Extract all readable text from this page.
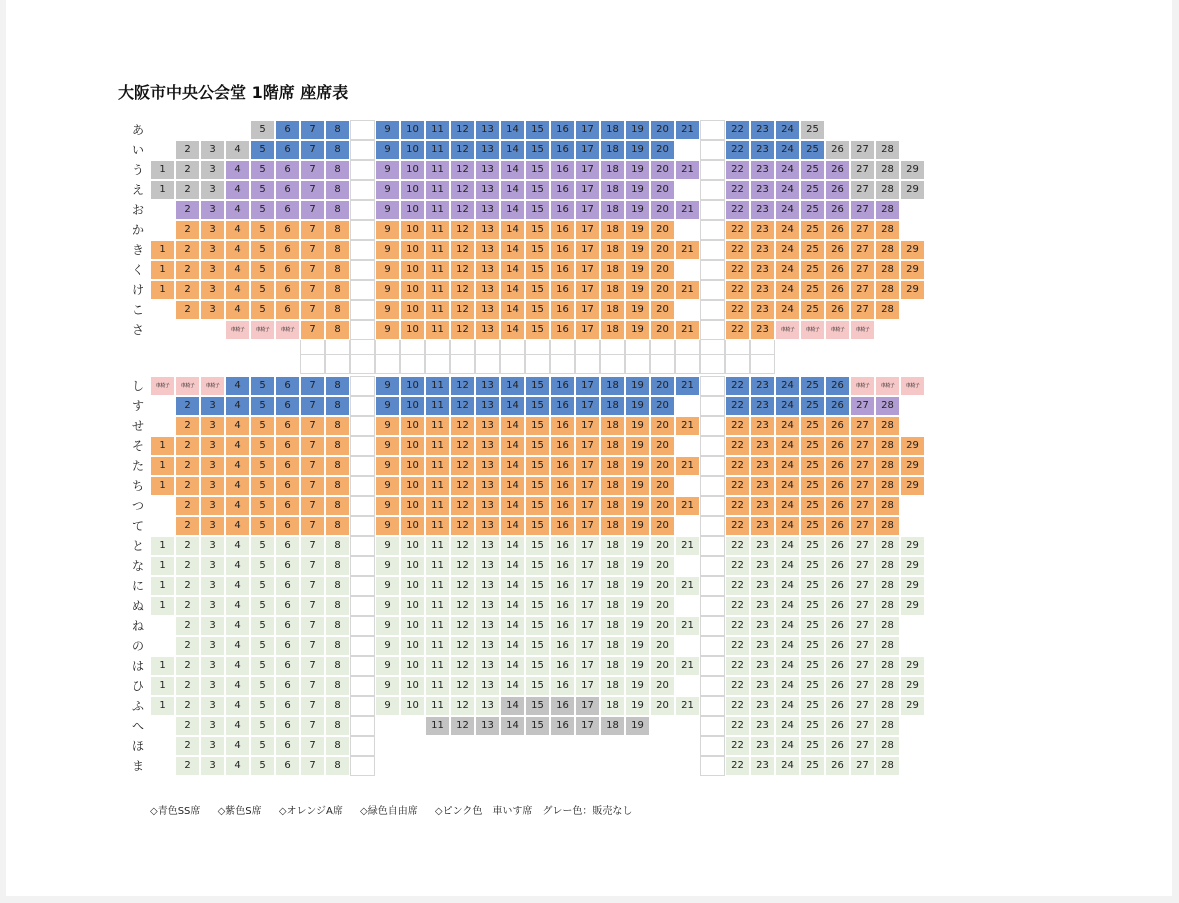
大阪市中央公会堂 1階席 座席表
あ	5	6	7	8	9	10	11	12	13	14	15	16	17	18	19	20	21	22	23	24	25
い	2	3	4	5	6	7	8	9	10	11	12	13	14	15	16	17	18	19	20	22	23	24	25	26	27	28
う	1	2	3	4	5	6	7	8	9	10	11	12	13	14	15	16	17	18	19	20	21	22	23	24	25	26	27	28	29
え	1	2	3	4	5	6	7	8	9	10	11	12	13	14	15	16	17	18	19	20	22	23	24	25	26	27	28	29
お	2	3	4	5	6	7	8	9	10	11	12	13	14	15	16	17	18	19	20	21	22	23	24	25	26	27	28
か	2	3	4	5	6	7	8	9	10	11	12	13	14	15	16	17	18	19	20	22	23	24	25	26	27	28
き	1	2	3	4	5	6	7	8	9	10	11	12	13	14	15	16	17	18	19	20	21	22	23	24	25	26	27	28	29
く	1	2	3	4	5	6	7	8	9	10	11	12	13	14	15	16	17	18	19	20	22	23	24	25	26	27	28	29
け	1	2	3	4	5	6	7	8	9	10	11	12	13	14	15	16	17	18	19	20	21	22	23	24	25	26	27	28	29
こ	2	3	4	5	6	7	8	9	10	11	12	13	14	15	16	17	18	19	20	22	23	24	25	26	27	28
さ	車椅子	車椅子	車椅子	7	8	9	10	11	12	13	14	15	16	17	18	19	20	21	22	23	車椅子	車椅子	車椅子	車椅子
し	車椅子	車椅子	車椅子	4	5	6	7	8	9	10	11	12	13	14	15	16	17	18	19	20	21	22	23	24	25	26	車椅子	車椅子	車椅子
す	2	3	4	5	6	7	8	9	10	11	12	13	14	15	16	17	18	19	20	22	23	24	25	26	27	28
せ	2	3	4	5	6	7	8	9	10	11	12	13	14	15	16	17	18	19	20	21	22	23	24	25	26	27	28
そ	1	2	3	4	5	6	7	8	9	10	11	12	13	14	15	16	17	18	19	20	22	23	24	25	26	27	28	29
た	1	2	3	4	5	6	7	8	9	10	11	12	13	14	15	16	17	18	19	20	21	22	23	24	25	26	27	28	29
ち	1	2	3	4	5	6	7	8	9	10	11	12	13	14	15	16	17	18	19	20	22	23	24	25	26	27	28	29
つ	2	3	4	5	6	7	8	9	10	11	12	13	14	15	16	17	18	19	20	21	22	23	24	25	26	27	28
て	2	3	4	5	6	7	8	9	10	11	12	13	14	15	16	17	18	19	20	22	23	24	25	26	27	28
と	1	2	3	4	5	6	7	8	9	10	11	12	13	14	15	16	17	18	19	20	21	22	23	24	25	26	27	28	29
な	1	2	3	4	5	6	7	8	9	10	11	12	13	14	15	16	17	18	19	20	22	23	24	25	26	27	28	29
に	1	2	3	4	5	6	7	8	9	10	11	12	13	14	15	16	17	18	19	20	21	22	23	24	25	26	27	28	29
ぬ	1	2	3	4	5	6	7	8	9	10	11	12	13	14	15	16	17	18	19	20	22	23	24	25	26	27	28	29
ね	2	3	4	5	6	7	8	9	10	11	12	13	14	15	16	17	18	19	20	21	22	23	24	25	26	27	28
の	2	3	4	5	6	7	8	9	10	11	12	13	14	15	16	17	18	19	20	22	23	24	25	26	27	28
は	1	2	3	4	5	6	7	8	9	10	11	12	13	14	15	16	17	18	19	20	21	22	23	24	25	26	27	28	29
ひ	1	2	3	4	5	6	7	8	9	10	11	12	13	14	15	16	17	18	19	20	22	23	24	25	26	27	28	29
ふ	1	2	3	4	5	6	7	8	9	10	11	12	13	14	15	16	17	18	19	20	21	22	23	24	25	26	27	28	29
へ	2	3	4	5	6	7	8	11	12	13	14	15	16	17	18	19	22	23	24	25	26	27	28
ほ	2	3	4	5	6	7	8	22	23	24	25	26	27	28
ま	2	3	4	5	6	7	8	22	23	24	25	26	27	28
◇青色SS席 ◇紫色S席 ◇オレンジA席 ◇緑色自由席 ◇ピンク色　車いす席　グレー色：販売なし
